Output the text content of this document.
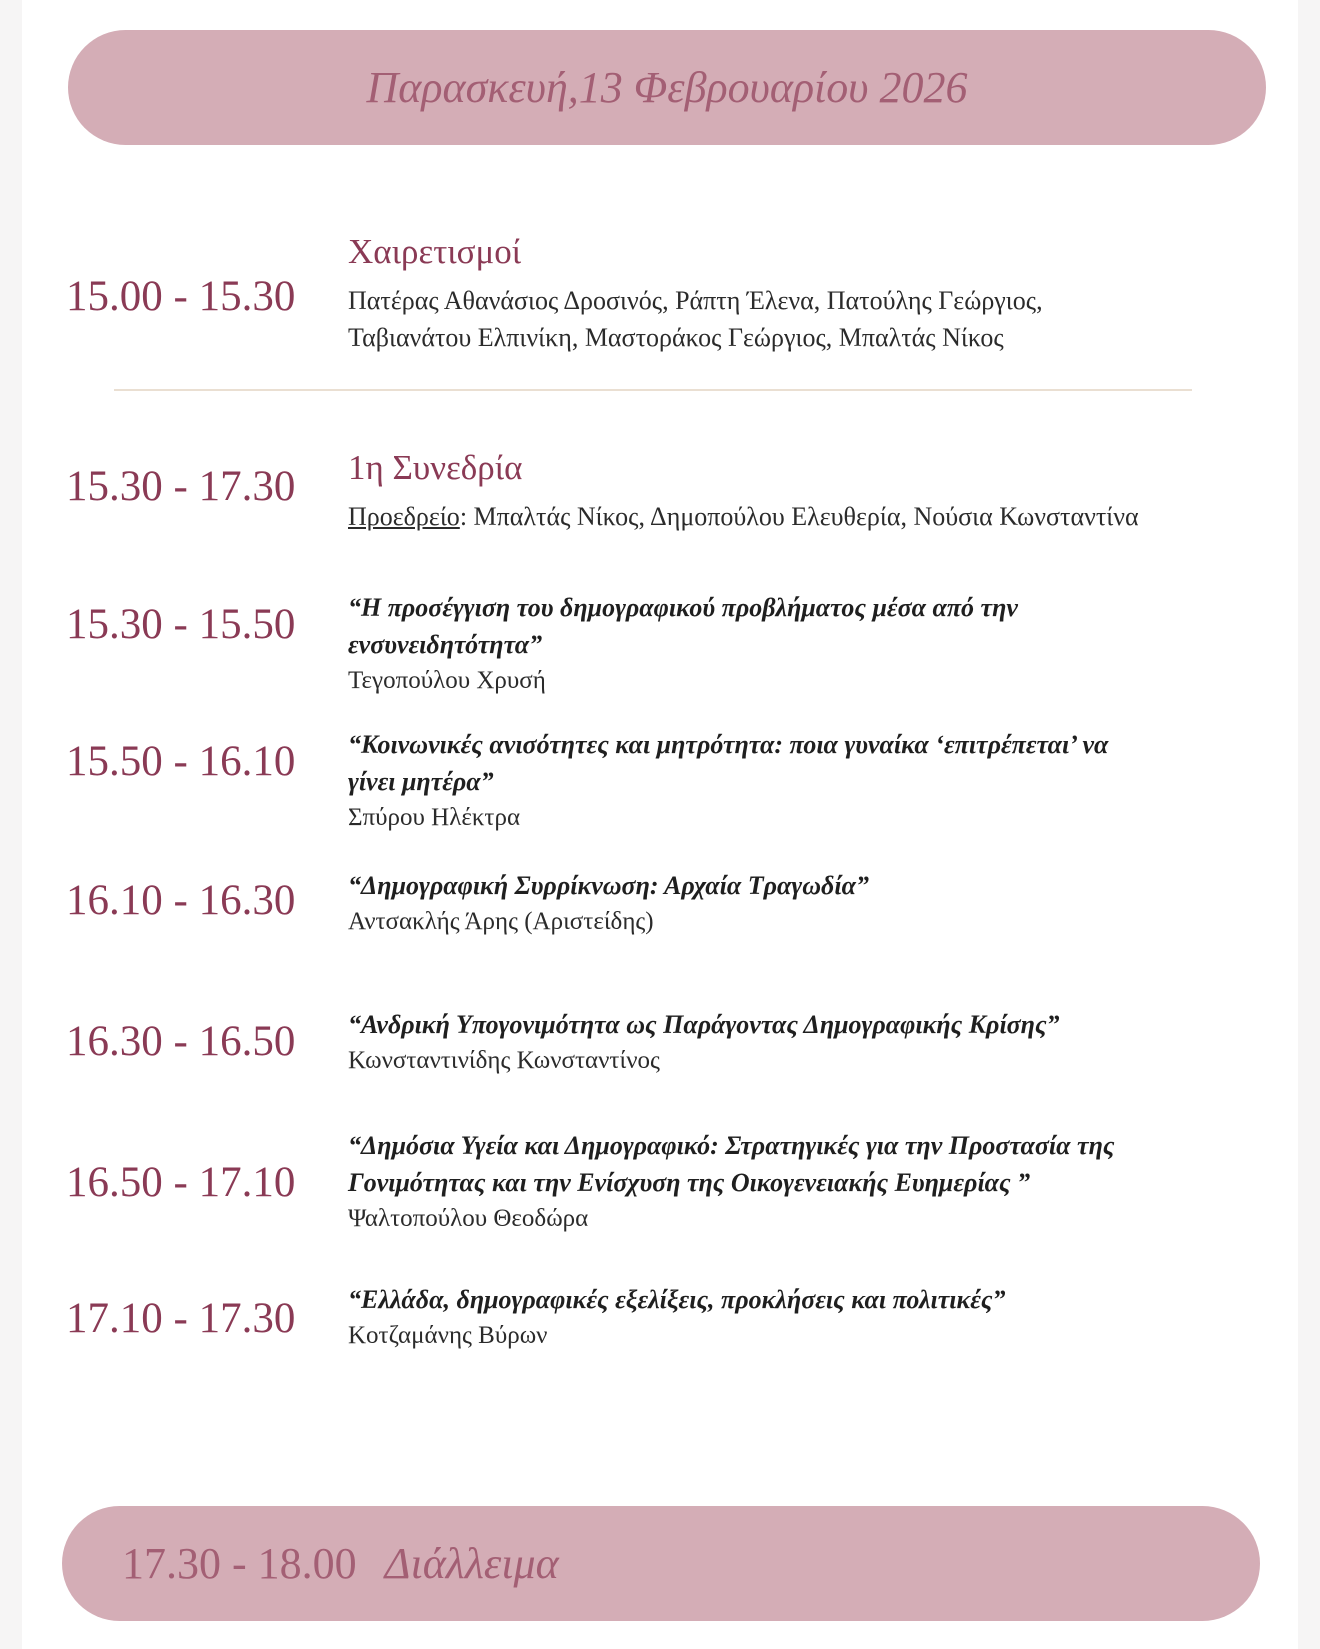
Παρασκευή,13 Φεβρουαρίου 2026
15.00 - 15.30
Χαιρετισμοί
Πατέρας Αθανάσιος Δροσινός, Ράπτη Έλενα, Πατούλης Γεώργιος,
Ταβιανάτου Ελπινίκη, Μαστοράκος Γεώργιος, Μπαλτάς Νίκος
15.30 - 17.30 1η Συνεδρία
Προεδρείο: Μπαλτάς Νίκος, Δημοπούλου Ελευθερία, Νούσια Κωνσταντίνα
15.30 - 15.50 “Η προσέγγιση του δημογραφικού προβλήματος μέσα από την
ενσυνειδητότητα”
Τεγοπούλου Χρυσή
15.50 - 16.10 “Κοινωνικές ανισότητες και μητρότητα: ποια γυναίκα ‘επιτρέπεται’ να
γίνει μητέρα”
Σπύρου Ηλέκτρα
16.10 - 16.30 “Δημογραφική Συρρίκνωση: Αρχαία Τραγωδία”
Αντσακλής Άρης (Αριστείδης)
16.30 - 16.50 “Ανδρική Υπογονιμότητα ως Παράγοντας Δημογραφικής Κρίσης”
Κωνσταντινίδης Κωνσταντίνος
16.50 - 17.10
“Δημόσια Υγεία και Δημογραφικό: Στρατηγικές για την Προστασία της
Γονιμότητας και την Ενίσχυση της Οικογενειακής Ευημερίας ”
Ψαλτοπούλου Θεοδώρα
17.10 - 17.30 “Ελλάδα, δημογραφικές εξελίξεις, προκλήσεις και πολιτικές”
Κοτζαμάνης Βύρων
17.30 - 18.00 Διάλλειμα
